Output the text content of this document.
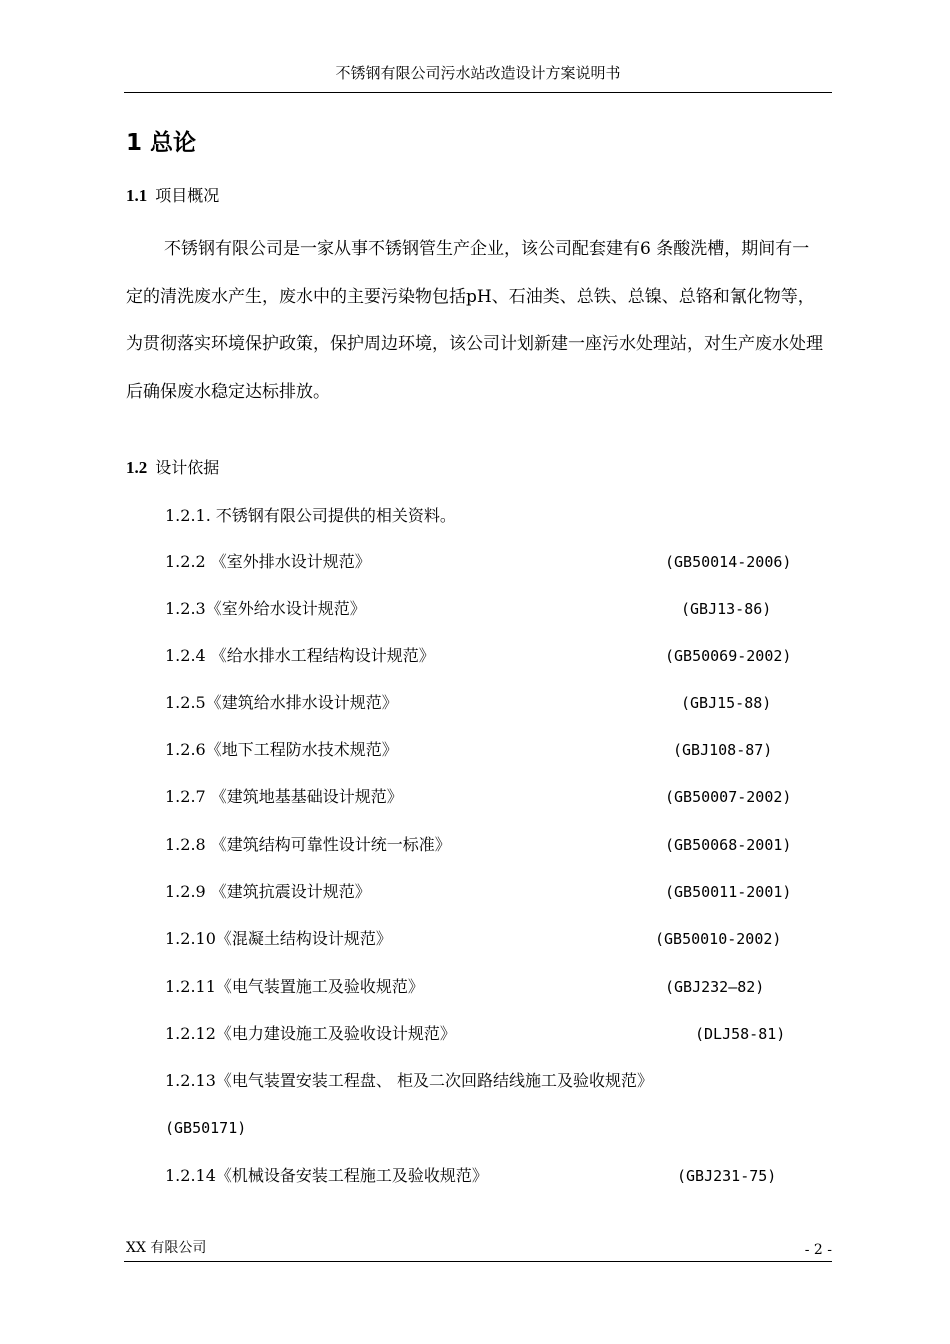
不锈钢有限公司污水站改造设计方案说明书
1 总论
1.1 项目概况
不锈钢有限公司是一家从事不锈钢管生产企业，该公司配套建有6 条酸洗槽，期间有一定的清洗废水产生，废水中的主要污染物包括pH、石油类、总铁、总镍、总铬和氰化物等，为贯彻落实环境保护政策，保护周边环境，该公司计划新建一座污水处理站，对生产废水处理后确保废水稳定达标排放。
1.2 设计依据
1.2.1. 不锈钢有限公司提供的相关资料。
1.2.2 《室外排水设计规范》	(GB50014-2006)
1.2.3《室外给水设计规范》	(GBJ13-86)
1.2.4 《给水排水工程结构设计规范》	(GB50069-2002)
1.2.5《建筑给水排水设计规范》	(GBJ15-88)
1.2.6《地下工程防水技术规范》	(GBJ108-87)
1.2.7 《建筑地基基础设计规范》	(GB50007-2002)
1.2.8 《建筑结构可靠性设计统一标准》	(GB50068-2001)
1.2.9 《建筑抗震设计规范》	(GB50011-2001)
1.2.10《混凝土结构设计规范》	(GB50010-2002)
1.2.11《电气装置施工及验收规范》	(GBJ232—82)
1.2.12《电力建设施工及验收设计规范》	(DLJ58-81)
1.2.13《电气装置安装工程盘、 柜及二次回路结线施工及验收规范》
(GB50171)
1.2.14《机械设备安装工程施工及验收规范》	(GBJ231-75)
XX 有限公司	- 2 -
